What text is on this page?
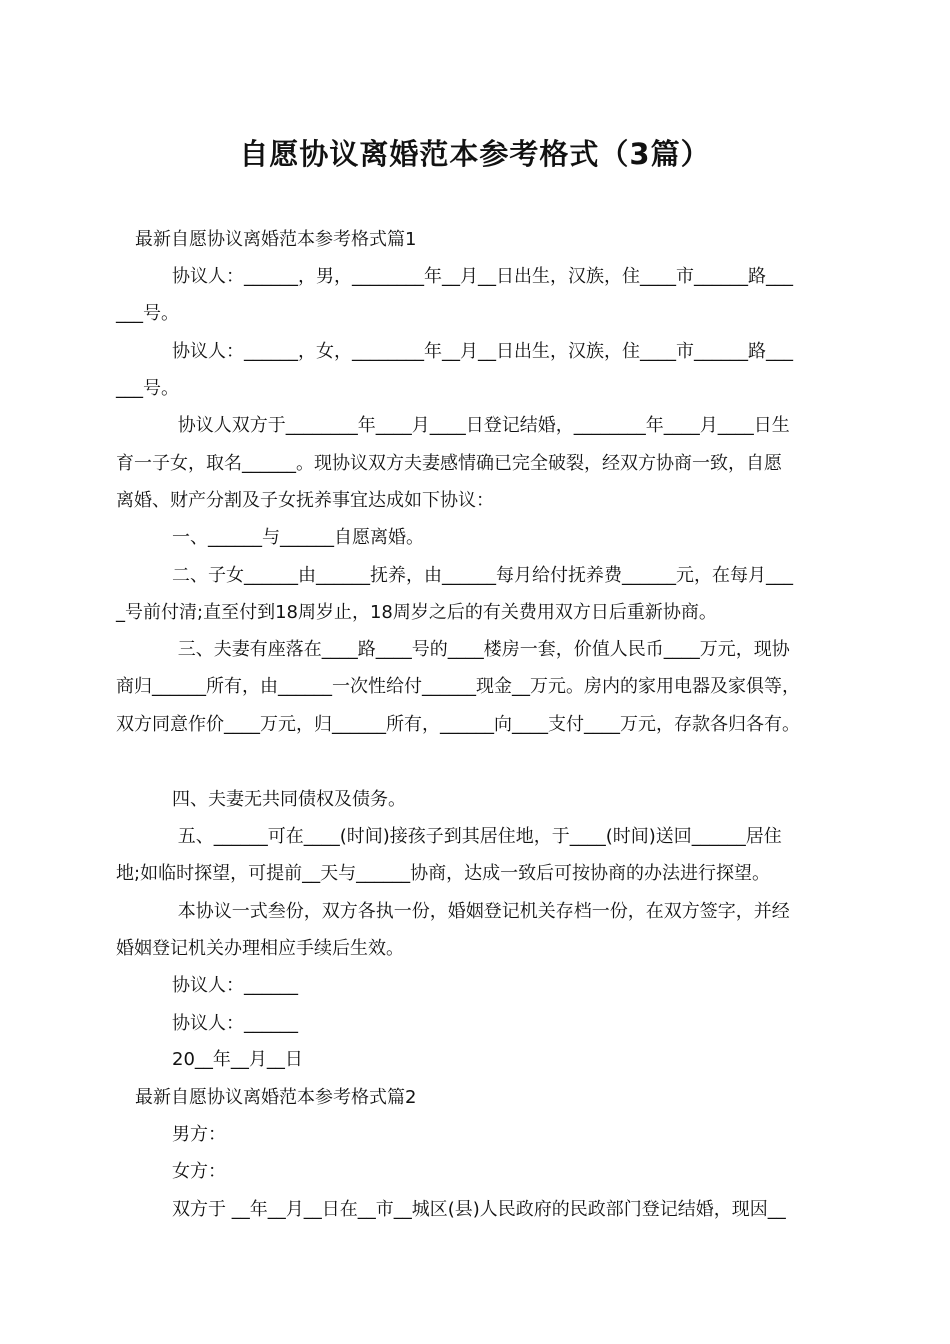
自愿协议离婚范本参考格式（3篇）
最新自愿协议离婚范本参考格式篇1
协议人：______，男，________年__月__日出生，汉族，住____市______路___
___号。
协议人：______，女，________年__月__日出生，汉族，住____市______路___
___号。
协议人双方于________年____月____日登记结婚，________年____月____日生
育一子女，取名______。现协议双方夫妻感情确已完全破裂，经双方协商一致，自愿
离婚、财产分割及子女抚养事宜达成如下协议：
一、______与______自愿离婚。
二、子女______由______抚养，由______每月给付抚养费______元，在每月___
_号前付清;直至付到18周岁止，18周岁之后的有关费用双方日后重新协商。
三、夫妻有座落在____路____号的____楼房一套，价值人民币____万元，现协
商归______所有，由______一次性给付______现金__万元。房内的家用电器及家俱等，
双方同意作价____万元，归______所有，______向____支付____万元，存款各归各有。
四、夫妻无共同债权及债务。
五、______可在____(时间)接孩子到其居住地，于____(时间)送回______居住
地;如临时探望，可提前__天与______协商，达成一致后可按协商的办法进行探望。
本协议一式叁份，双方各执一份，婚姻登记机关存档一份，在双方签字，并经
婚姻登记机关办理相应手续后生效。
协议人：______
协议人：______
20__年__月__日
最新自愿协议离婚范本参考格式篇2
男方：
女方：
双方于 __年__月__日在__市__城区(县)人民政府的民政部门登记结婚，现因__
